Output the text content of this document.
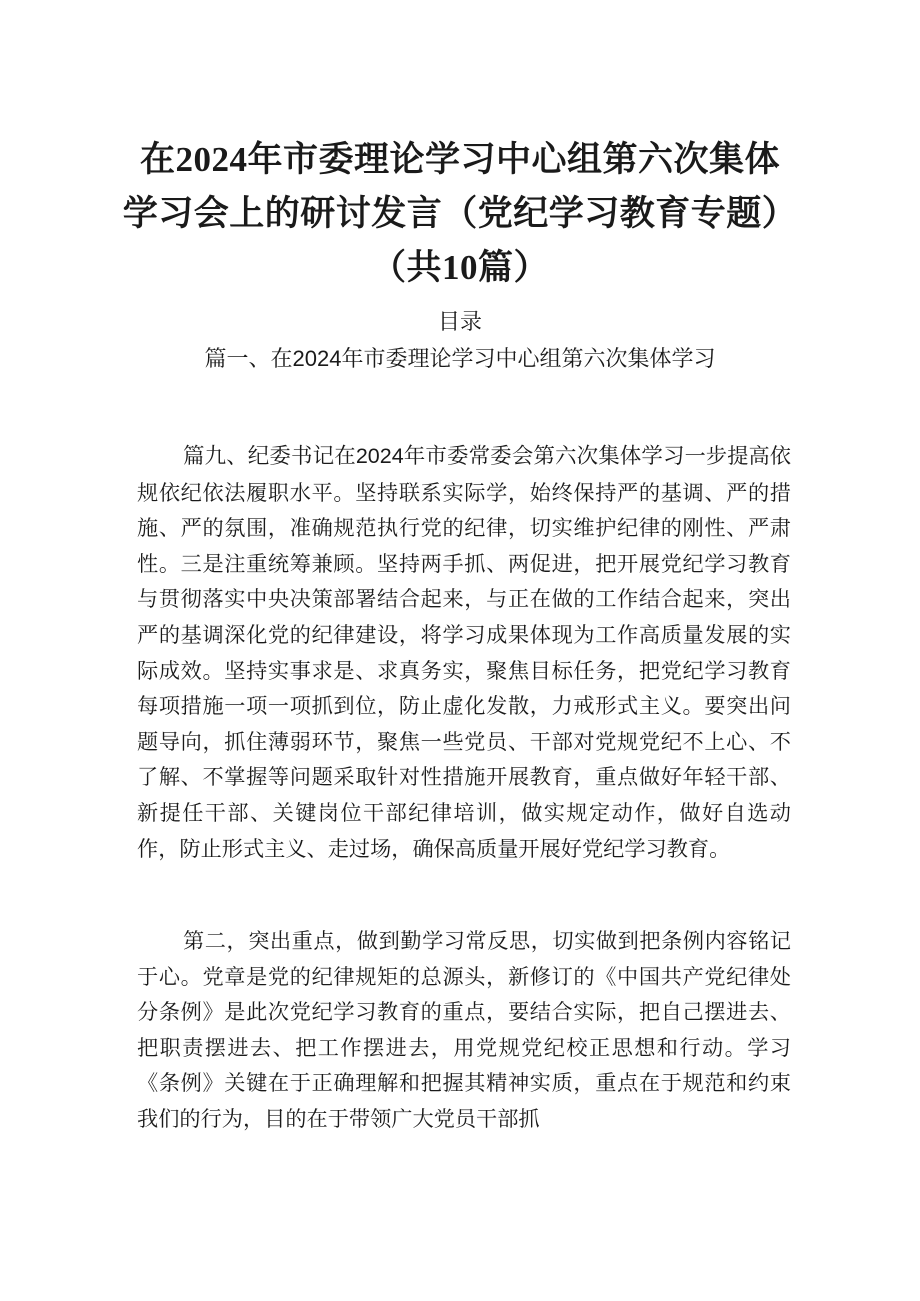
在2024年市委理论学习中心组第六次集体
学习会上的研讨发言（党纪学习教育专题）
（共10篇）
目录
篇一、在2024年市委理论学习中心组第六次集体学习

篇九、纪委书记在2024年市委常委会第六次集体学习一步提高依规依纪依法履职水平。坚持联系实际学，始终保持严的基调、严的措施、严的氛围，准确规范执行党的纪律，切实维护纪律的刚性、严肃性。三是注重统筹兼顾。坚持两手抓、两促进，把开展党纪学习教育与贯彻落实中央决策部署结合起来，与正在做的工作结合起来，突出严的基调深化党的纪律建设，将学习成果体现为工作高质量发展的实际成效。坚持实事求是、求真务实，聚焦目标任务，把党纪学习教育每项措施一项一项抓到位，防止虚化发散，力戒形式主义。要突出问题导向，抓住薄弱环节，聚焦一些党员、干部对党规党纪不上心、不了解、不掌握等问题采取针对性措施开展教育，重点做好年轻干部、新提任干部、关键岗位干部纪律培训，做实规定动作，做好自选动作，防止形式主义、走过场，确保高质量开展好党纪学习教育。

第二，突出重点，做到勤学习常反思，切实做到把条例内容铭记于心。党章是党的纪律规矩的总源头，新修订的《中国共产党纪律处分条例》是此次党纪学习教育的重点，要结合实际，把自己摆进去、把职责摆进去、把工作摆进去，用党规党纪校正思想和行动。学习《条例》关键在于正确理解和把握其精神实质，重点在于规范和约束我们的行为，目的在于带领广大党员干部抓
